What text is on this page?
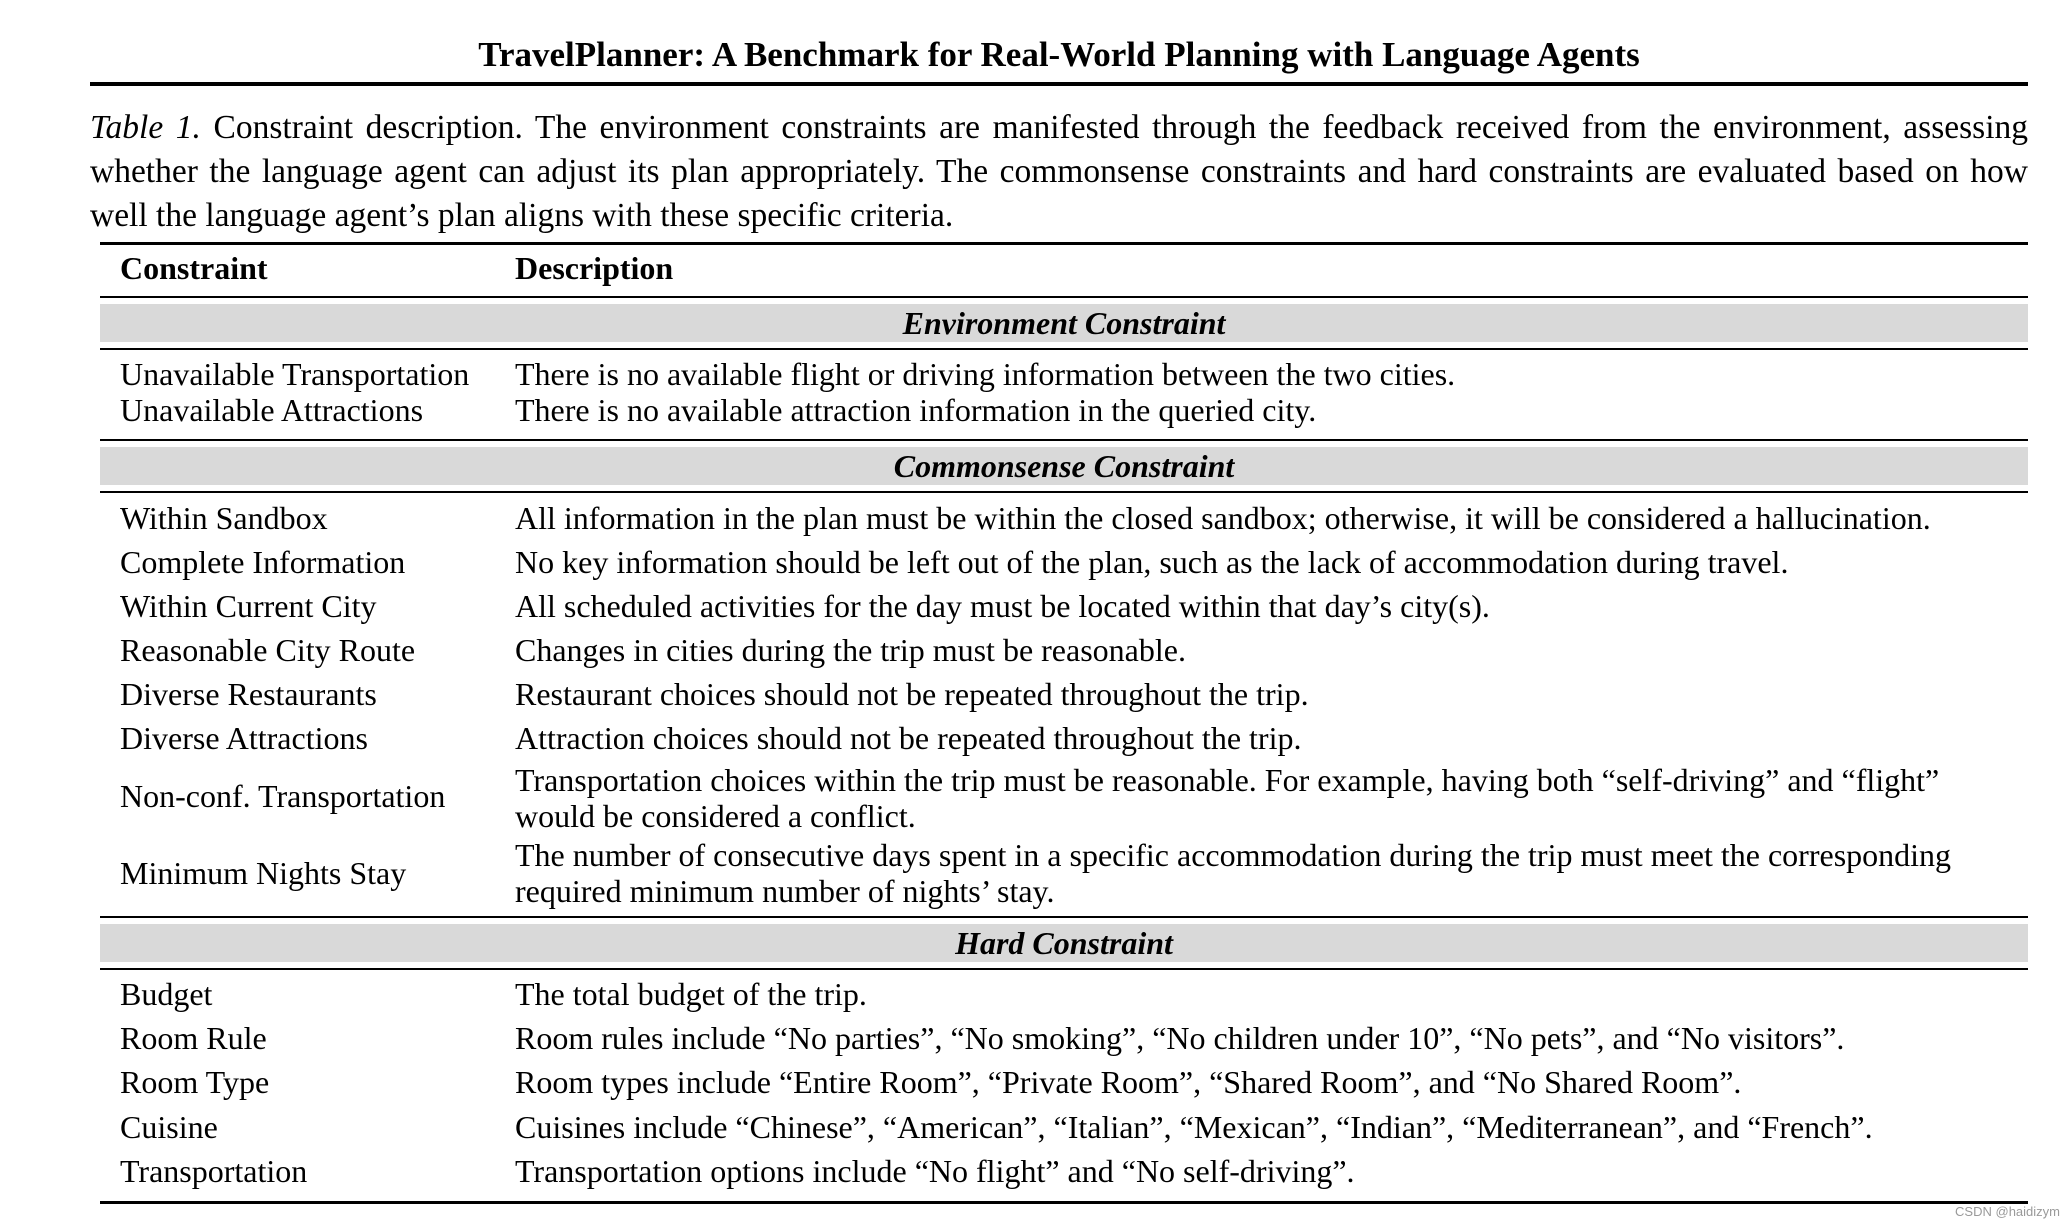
TravelPlanner: A Benchmark for Real-World Planning with Language Agents
Table 1. Constraint description. The environment constraints are manifested through the feedback received from the environment, assessing whether the language agent can adjust its plan appropriately. The commonsense constraints and hard constraints are evaluated based on how well the language agent’s plan aligns with these specific criteria.
Constraint	Description
Environment Constraint
Unavailable Transportation	There is no available flight or driving information between the two cities.
Unavailable Attractions	There is no available attraction information in the queried city.
Commonsense Constraint
Within Sandbox	All information in the plan must be within the closed sandbox; otherwise, it will be considered a hallucination.
Complete Information	No key information should be left out of the plan, such as the lack of accommodation during travel.
Within Current City	All scheduled activities for the day must be located within that day’s city(s).
Reasonable City Route	Changes in cities during the trip must be reasonable.
Diverse Restaurants	Restaurant choices should not be repeated throughout the trip.
Diverse Attractions	Attraction choices should not be repeated throughout the trip.
Non-conf. Transportation	Transportation choices within the trip must be reasonable. For example, having both “self-driving” and “flight” would be considered a conflict.
Minimum Nights Stay	The number of consecutive days spent in a specific accommodation during the trip must meet the corresponding required minimum number of nights’ stay.
Hard Constraint
Budget	The total budget of the trip.
Room Rule	Room rules include “No parties”, “No smoking”, “No children under 10”, “No pets”, and “No visitors”.
Room Type	Room types include “Entire Room”, “Private Room”, “Shared Room”, and “No Shared Room”.
Cuisine	Cuisines include “Chinese”, “American”, “Italian”, “Mexican”, “Indian”, “Mediterranean”, and “French”.
Transportation	Transportation options include “No flight” and “No self-driving”.
CSDN @haidizym
